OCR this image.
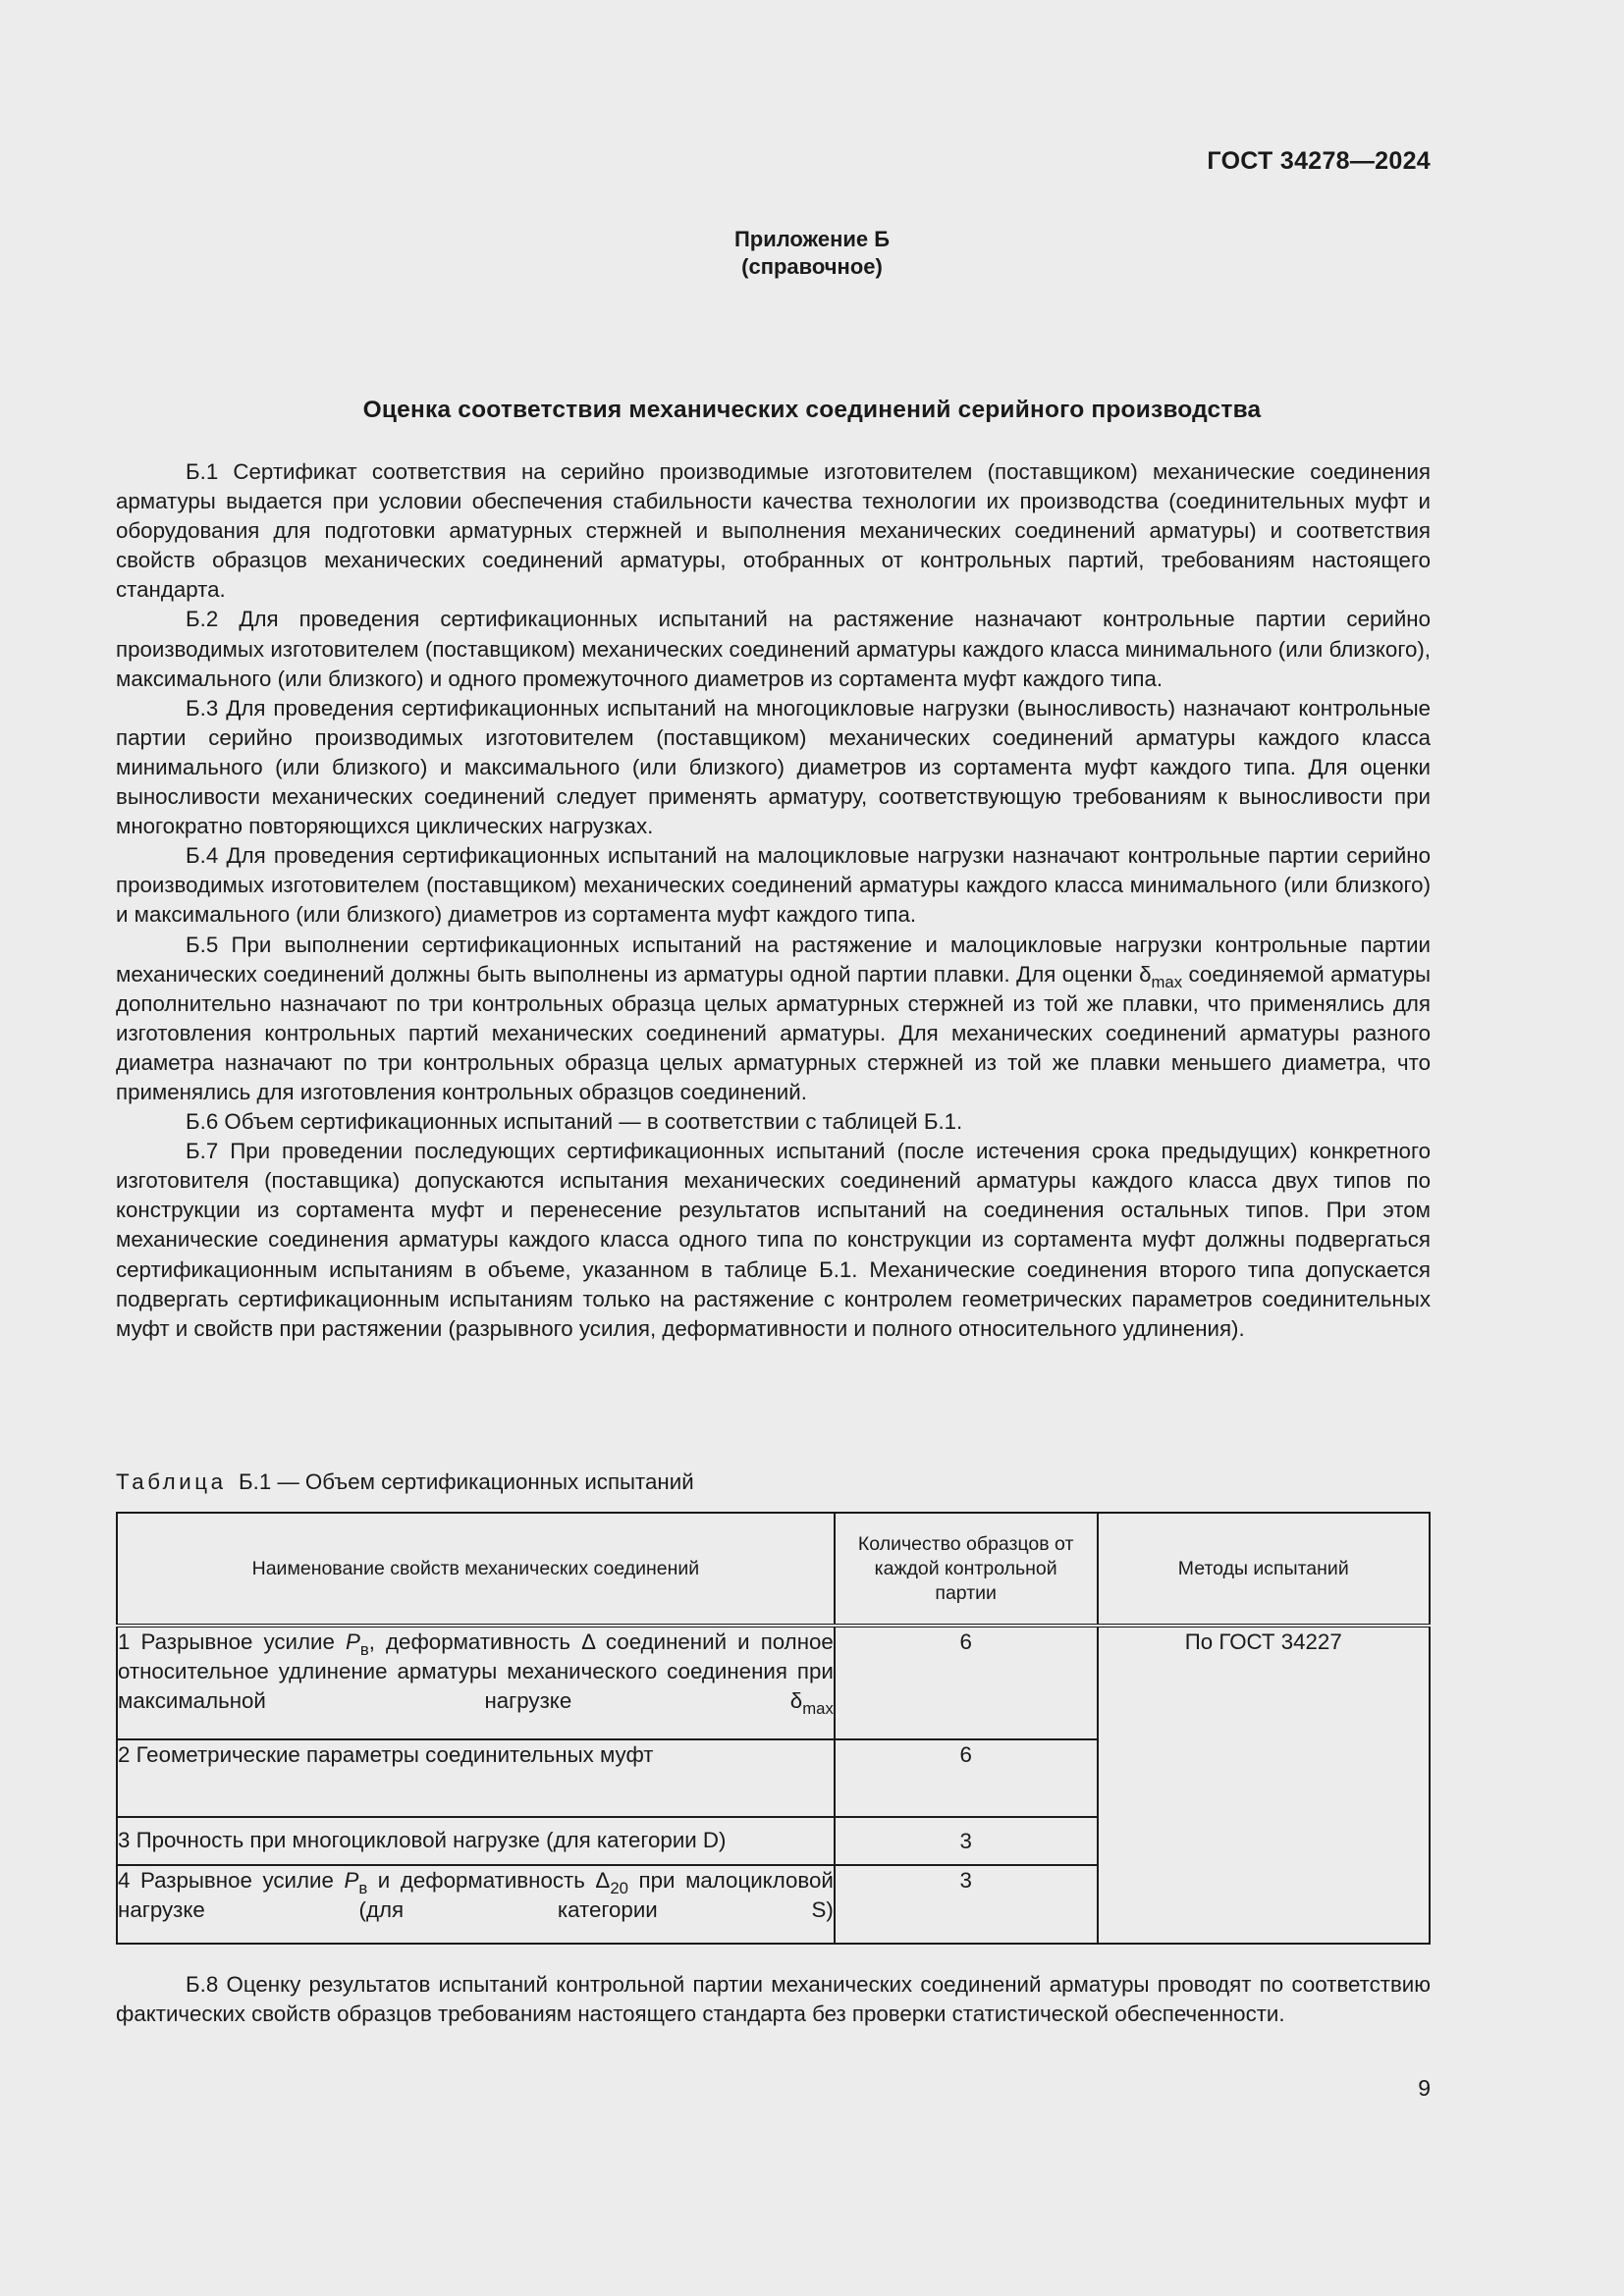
ГОСТ 34278—2024
Приложение Б
(справочное)
Оценка соответствия механических соединений серийного производства

Б.1 Сертификат соответствия на серийно производимые изготовителем (поставщиком) механические соединения арматуры выдается при условии обеспечения стабильности качества технологии их производства (соединительных муфт и оборудования для подготовки арматурных стержней и выполнения механических соединений арматуры) и соответствия свойств образцов механических соединений арматуры, отобранных от контрольных партий, требованиям настоящего стандарта.

Б.2 Для проведения сертификационных испытаний на растяжение назначают контрольные партии серийно производимых изготовителем (поставщиком) механических соединений арматуры каждого класса минимального (или близкого), максимального (или близкого) и одного промежуточного диаметров из сортамента муфт каждого типа.

Б.3 Для проведения сертификационных испытаний на многоцикловые нагрузки (выносливость) назначают контрольные партии серийно производимых изготовителем (поставщиком) механических соединений арматуры каждого класса минимального (или близкого) и максимального (или близкого) диаметров из сортамента муфт каждого типа. Для оценки выносливости механических соединений следует применять арматуру, соответствующую требованиям к выносливости при многократно повторяющихся циклических нагрузках.

Б.4 Для проведения сертификационных испытаний на малоцикловые нагрузки назначают контрольные партии серийно производимых изготовителем (поставщиком) механических соединений арматуры каждого класса минимального (или близкого) и максимального (или близкого) диаметров из сортамента муфт каждого типа.

Б.5 При выполнении сертификационных испытаний на растяжение и малоцикловые нагрузки контрольные партии механических соединений должны быть выполнены из арматуры одной партии плавки. Для оценки $\delta_{max}$ соединяемой арматуры дополнительно назначают по три контрольных образца целых арматурных стержней из той же плавки, что применялись для изготовления контрольных партий механических соединений арматуры. Для механических соединений арматуры разного диаметра назначают по три контрольных образца целых арматурных стержней из той же плавки меньшего диаметра, что применялись для изготовления контрольных образцов соединений.

Б.6 Объем сертификационных испытаний — в соответствии с таблицей Б.1.

Б.7 При проведении последующих сертификационных испытаний (после истечения срока предыдущих) конкретного изготовителя (поставщика) допускаются испытания механических соединений арматуры каждого класса двух типов по конструкции из сортамента муфт и перенесение результатов испытаний на соединения остальных типов. При этом механические соединения арматуры каждого класса одного типа по конструкции из сортамента муфт должны подвергаться сертификационным испытаниям в объеме, указанном в таблице Б.1. Механические соединения второго типа допускается подвергать сертификационным испытаниям только на растяжение с контролем геометрических параметров соединительных муфт и свойств при растяжении (разрывного усилия, деформативности и полного относительного удлинения).

Таблица Б.1 — Объем сертификационных испытаний
Наименование свойств механических соединений	Количество образцов от каждой контрольной партии	Методы испытаний
1 Разрывное усилие $P_в$, деформативность Δ соединений и полное относительное удлинение арматуры механического соединения при максимальной нагрузке $\delta_{max}$	6	По ГОСТ 34227
2 Геометрические параметры соединительных муфт	6	
3 Прочность при многоцикловой нагрузке (для категории D)	3	
4 Разрывное усилие $P_в$ и деформативность $\Delta_{20}$ при малоцикловой нагрузке (для категории S)	3	

Б.8 Оценку результатов испытаний контрольной партии механических соединений арматуры проводят по соответствию фактических свойств образцов требованиям настоящего стандарта без проверки статистической обеспеченности.

9
